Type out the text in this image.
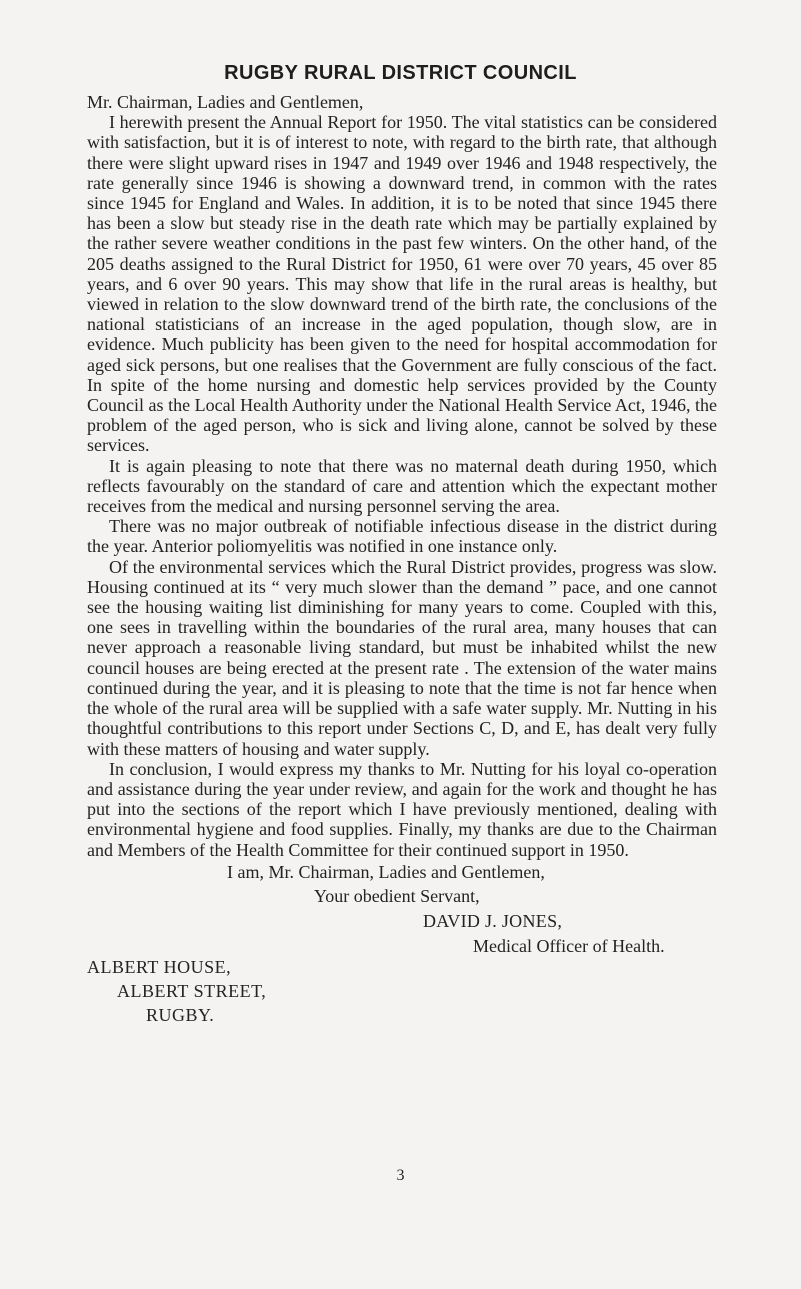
RUGBY RURAL DISTRICT COUNCIL

Mr. Chairman, Ladies and Gentlemen,

I herewith present the Annual Report for 1950. The vital statistics can be considered with satisfaction, but it is of interest to note, with regard to the birth rate, that although there were slight upward rises in 1947 and 1949 over 1946 and 1948 respectively, the rate generally since 1946 is showing a downward trend, in common with the rates since 1945 for England and Wales. In addition, it is to be noted that since 1945 there has been a slow but steady rise in the death rate which may be partially explained by the rather severe weather conditions in the past few winters. On the other hand, of the 205 deaths assigned to the Rural District for 1950, 61 were over 70 years, 45 over 85 years, and 6 over 90 years. This may show that life in the rural areas is healthy, but viewed in relation to the slow downward trend of the birth rate, the conclusions of the national statisticians of an increase in the aged population, though slow, are in evidence. Much publicity has been given to the need for hospital accommodation for aged sick persons, but one realises that the Government are fully conscious of the fact. In spite of the home nursing and domestic help services provided by the County Council as the Local Health Authority under the National Health Service Act, 1946, the problem of the aged person, who is sick and living alone, cannot be solved by these services.

It is again pleasing to note that there was no maternal death during 1950, which reflects favourably on the standard of care and attention which the expectant mother receives from the medical and nursing personnel serving the area.

There was no major outbreak of notifiable infectious disease in the district during the year. Anterior poliomyelitis was notified in one instance only.

Of the environmental services which the Rural District provides, progress was slow. Housing continued at its “ very much slower than the demand ” pace, and one cannot see the housing waiting list diminishing for many years to come. Coupled with this, one sees in travelling within the boundaries of the rural area, many houses that can never approach a reasonable living standard, but must be inhabited whilst the new council houses are being erected at the present rate . The extension of the water mains continued during the year, and it is pleasing to note that the time is not far hence when the whole of the rural area will be supplied with a safe water supply. Mr. Nutting in his thoughtful contributions to this report under Sections C, D, and E, has dealt very fully with these matters of housing and water supply.

In conclusion, I would express my thanks to Mr. Nutting for his loyal co-operation and assistance during the year under review, and again for the work and thought he has put into the sections of the report which I have previously mentioned, dealing with environmental hygiene and food supplies. Finally, my thanks are due to the Chairman and Members of the Health Committee for their continued support in 1950.

I am, Mr. Chairman, Ladies and Gentlemen,
Your obedient Servant,
DAVID J. JONES,
Medical Officer of Health.
ALBERT HOUSE,
ALBERT STREET,
RUGBY.
3
